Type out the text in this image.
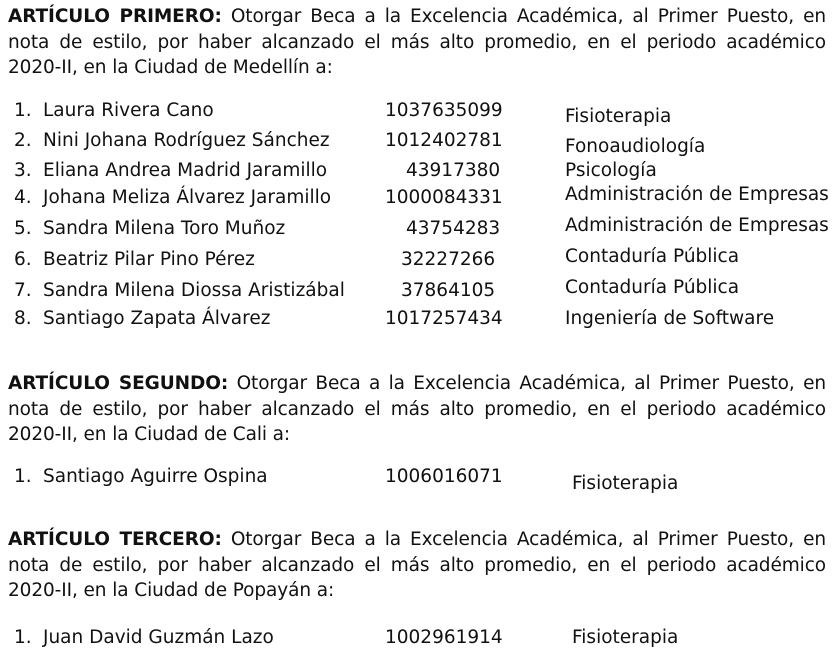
ARTÍCULO PRIMERO: Otorgar Beca a la Excelencia Académica, al Primer Puesto, en nota de estilo, por haber alcanzado el más alto promedio, en el periodo académico 2020-II, en la Ciudad de Medellín a:

1. Laura Rivera Cano	1037635099	Fisioterapia
2. Nini Johana Rodríguez Sánchez	1012402781	Fonoaudiología
3. Eliana Andrea Madrid Jaramillo	43917380	Psicología
4. Johana Meliza Álvarez Jaramillo	1000084331	Administración de Empresas
5. Sandra Milena Toro Muñoz	43754283	Administración de Empresas
6. Beatriz Pilar Pino Pérez	32227266	Contaduría Pública
7. Sandra Milena Diossa Aristizábal	37864105	Contaduría Pública
8. Santiago Zapata Álvarez	1017257434	Ingeniería de Software

ARTÍCULO SEGUNDO: Otorgar Beca a la Excelencia Académica, al Primer Puesto, en nota de estilo, por haber alcanzado el más alto promedio, en el periodo académico 2020-II, en la Ciudad de Cali a:

1. Santiago Aguirre Ospina	1006016071	Fisioterapia

ARTÍCULO TERCERO: Otorgar Beca a la Excelencia Académica, al Primer Puesto, en nota de estilo, por haber alcanzado el más alto promedio, en el periodo académico 2020-II, en la Ciudad de Popayán a:

1. Juan David Guzmán Lazo	1002961914	Fisioterapia
